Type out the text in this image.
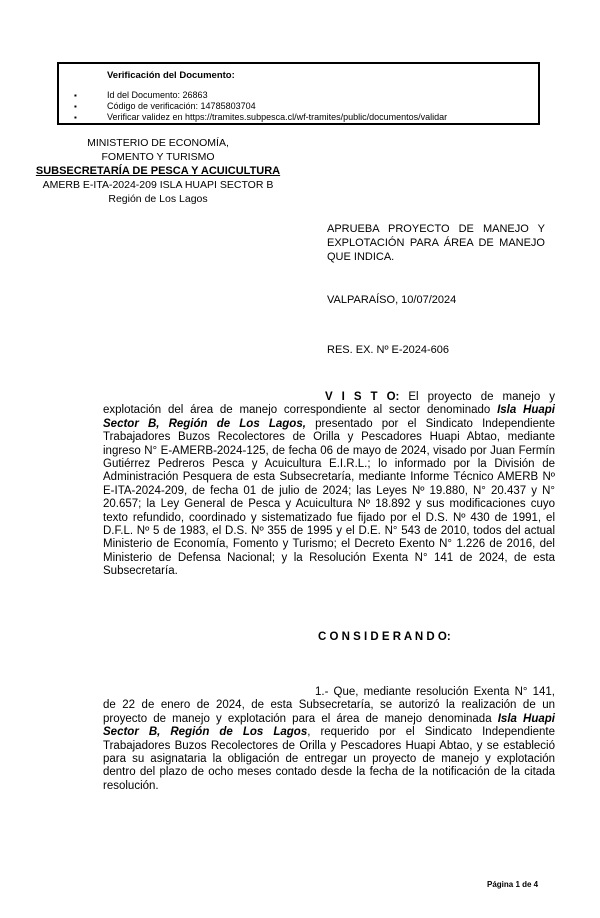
Verificación del Documento:
▪	Id del Documento: 26863
▪	Código de verificación: 14785803704
▪	Verificar validez en https://tramites.subpesca.cl/wf-tramites/public/documentos/validar
MINISTERIO DE ECONOMÍA,
FOMENTO Y TURISMO
SUBSECRETARÍA DE PESCA Y ACUICULTURA
AMERB E-ITA-2024-209 ISLA HUAPI SECTOR B
Región de Los Lagos
APRUEBA PROYECTO DE MANEJO Y EXPLOTACIÓN PARA ÁREA DE MANEJO QUE INDICA.
VALPARAÍSO, 10/07/2024
RES. EX. Nº E-2024-606

V I S T O: El proyecto de manejo y explotación del área de manejo correspondiente al sector denominado Isla Huapi Sector B, Región de Los Lagos, presentado por el Sindicato Independiente Trabajadores Buzos Recolectores de Orilla y Pescadores Huapi Abtao, mediante ingreso N° E-AMERB-2024-125, de fecha 06 de mayo de 2024, visado por Juan Fermín Gutiérrez Pedreros Pesca y Acuicultura E.I.R.L.; lo informado por la División de Administración Pesquera de esta Subsecretaría, mediante Informe Técnico AMERB Nº E-ITA-2024-209, de fecha 01 de julio de 2024; las Leyes Nº 19.880, N° 20.437 y N° 20.657; la Ley General de Pesca y Acuicultura Nº 18.892 y sus modificaciones cuyo texto refundido, coordinado y sistematizado fue fijado por el D.S. Nº 430 de 1991, el D.F.L. Nº 5 de 1983, el D.S. Nº 355 de 1995 y el D.E. N° 543 de 2010, todos del actual Ministerio de Economía, Fomento y Turismo; el Decreto Exento N° 1.226 de 2016, del Ministerio de Defensa Nacional; y la Resolución Exenta N° 141 de 2024, de esta Subsecretaría.

C O N S I D E R A N D O:

1.- Que, mediante resolución Exenta N° 141, de 22 de enero de 2024, de esta Subsecretaría, se autorizó la realización de un proyecto de manejo y explotación para el área de manejo denominada Isla Huapi Sector B, Región de Los Lagos, requerido por el Sindicato Independiente Trabajadores Buzos Recolectores de Orilla y Pescadores Huapi Abtao, y se estableció para su asignataria la obligación de entregar un proyecto de manejo y explotación dentro del plazo de ocho meses contado desde la fecha de la notificación de la citada resolución.

Página 1 de 4
